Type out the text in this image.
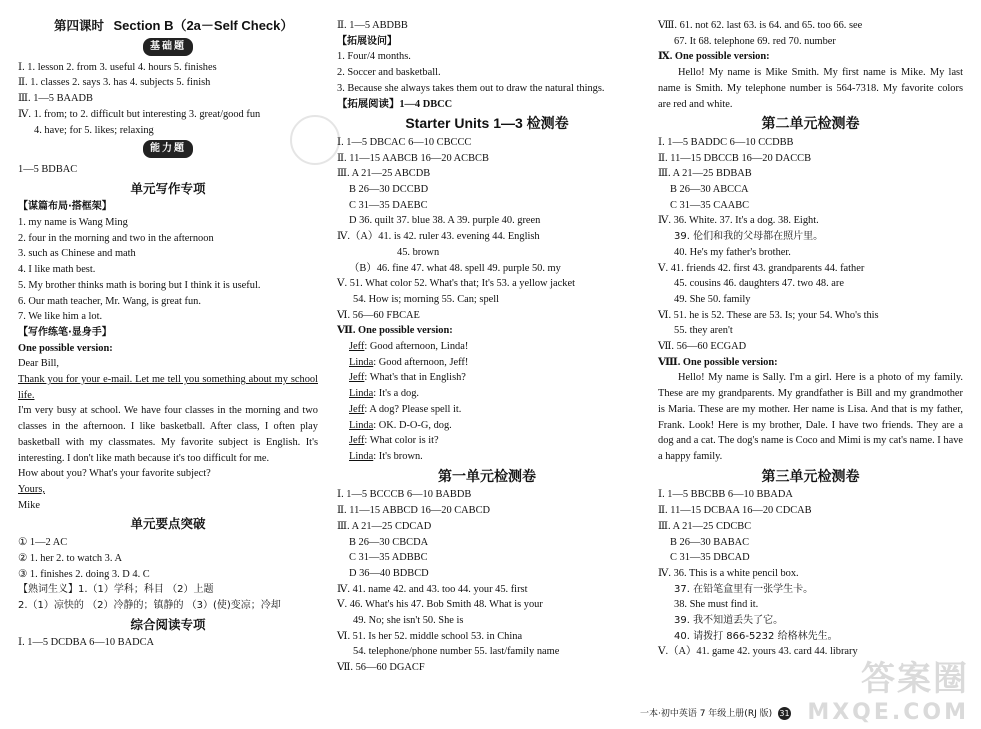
第四课时 Section B（2a－Self Check）
基础题
Ⅰ. 1. lesson 2. from 3. useful 4. hours 5. finishes
Ⅱ. 1. classes 2. says 3. has 4. subjects 5. finish
Ⅲ. 1—5 BAADB
Ⅳ. 1. from; to 2. difficult but interesting 3. great/good fun
4. have; for 5. likes; relaxing
能力题
1—5 BDBAC
单元写作专项
【谋篇布局·搭框架】
1. my name is Wang Ming
2. four in the morning and two in the afternoon
3. such as Chinese and math
4. I like math best.
5. My brother thinks math is boring but I think it is useful.
6. Our math teacher, Mr. Wang, is great fun.
7. We like him a lot.
【写作练笔·显身手】
One possible version:
Dear Bill,
Thank you for your e-mail. Let me tell you something about my school life.
I'm very busy at school. We have four classes in the morning and two classes in the afternoon. I like basketball. After class, I often play basketball with my classmates. My favorite subject is English. It's interesting. I don't like math because it's too difficult for me.
How about you? What's your favorite subject?
Yours,
Mike
单元要点突破
① 1—2 AC
② 1. her 2. to watch 3. A
③ 1. finishes 2. doing 3. D 4. C
【熟词生义】1.（1）学科；科目 （2）上题
2.（1）凉快的 （2）冷静的；镇静的 （3）(使)变凉；冷却
综合阅读专项
Ⅰ. 1—5 DCDBA 6—10 BADCA
Ⅱ. 1—5 ABDBB
【拓展设问】
1. Four/4 months.
2. Soccer and basketball.
3. Because she always takes them out to draw the natural things.
【拓展阅读】1—4 DBCC
Starter Units 1—3 检测卷
Ⅰ. 1—5 DBCAC 6—10 CBCCC
Ⅱ. 11—15 AABCB 16—20 ACBCB
Ⅲ. A 21—25 ABCDB
B 26—30 DCCBD
C 31—35 DAEBC
D 36. quilt 37. blue 38. A 39. purple 40. green
Ⅳ.（A）41. is 42. ruler 43. evening 44. English
45. brown
（B）46. fine 47. what 48. spell 49. purple 50. my
Ⅴ. 51. What color 52. What's that; It's 53. a yellow jacket
54. How is; morning 55. Can; spell
Ⅵ. 56—60 FBCAE
Ⅶ. One possible version:
Jeff: Good afternoon, Linda!
Linda: Good afternoon, Jeff!
Jeff: What's that in English?
Linda: It's a dog.
Jeff: A dog? Please spell it.
Linda: OK. D-O-G, dog.
Jeff: What color is it?
Linda: It's brown.
第一单元检测卷
Ⅰ. 1—5 BCCCB 6—10 BABDB
Ⅱ. 11—15 ABBCD 16—20 CABCD
Ⅲ. A 21—25 CDCAD
B 26—30 CBCDA
C 31—35 ADBBC
D 36—40 BDBCD
Ⅳ. 41. name 42. and 43. too 44. your 45. first
Ⅴ. 46. What's his 47. Bob Smith 48. What is your
49. No; she isn't 50. She is
Ⅵ. 51. Is her 52. middle school 53. in China
54. telephone/phone number 55. last/family name
Ⅶ. 56—60 DGACF
Ⅷ. 61. not 62. last 63. is 64. and 65. too 66. see
67. It 68. telephone 69. red 70. number
Ⅸ. One possible version:
Hello! My name is Mike Smith. My first name is Mike. My last name is Smith. My telephone number is 564-7318. My favorite colors are red and white.
第二单元检测卷
Ⅰ. 1—5 BADDC 6—10 CCDBB
Ⅱ. 11—15 DBCCB 16—20 DACCB
Ⅲ. A 21—25 BDBAB
B 26—30 ABCCA
C 31—35 CAABC
Ⅳ. 36. White. 37. It's a dog. 38. Eight.
39. 伦们和我的父母都在照片里。
40. He's my father's brother.
Ⅴ. 41. friends 42. first 43. grandparents 44. father
45. cousins 46. daughters 47. two 48. are
49. She 50. family
Ⅵ. 51. he is 52. These are 53. Is; your 54. Who's this
55. they aren't
Ⅶ. 56—60 ECGAD
Ⅷ. One possible version:
Hello! My name is Sally. I'm a girl. Here is a photo of my family. These are my grandparents. My grandfather is Bill and my grandmother is Maria. These are my mother. Her name is Lisa. And that is my father, Frank. Look! Here is my brother, Dale. I have two friends. They are a dog and a cat. The dog's name is Coco and Mimi is my cat's name. I have a happy family.
第三单元检测卷
Ⅰ. 1—5 BBCBB 6—10 BBADA
Ⅱ. 11—15 DCBAA 16—20 CDCAB
Ⅲ. A 21—25 CDCBC
B 26—30 BABAC
C 31—35 DBCAD
Ⅳ. 36. This is a white pencil box.
37. 在铅笔盒里有一张学生卡。
38. She must find it.
39. 我不知道丢失了它。
40. 请拨打 866-5232 给格林先生。
Ⅴ.（A）41. game 42. yours 43. card 44. library
一本·初中英语 7 年级上册(RJ 版) 31
答案圈
MXQE.COM
